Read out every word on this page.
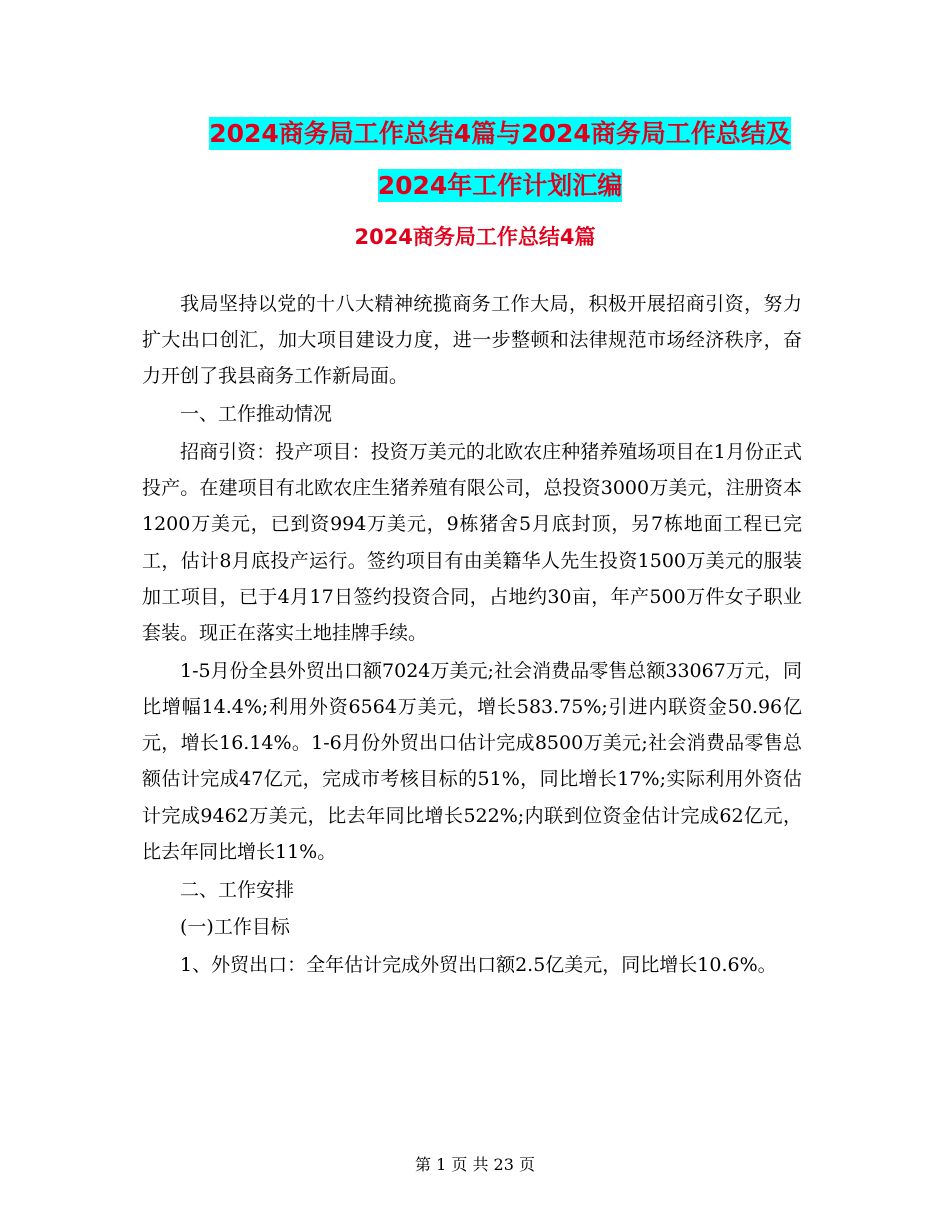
2024商务局工作总结4篇与2024商务局工作总结及
2024年工作计划汇编
2024商务局工作总结4篇

我局坚持以党的十八大精神统揽商务工作大局，积极开展招商引资，努力扩大出口创汇，加大项目建设力度，进一步整顿和法律规范市场经济秩序，奋力开创了我县商务工作新局面。

一、工作推动情况

招商引资：投产项目：投资万美元的北欧农庄种猪养殖场项目在1月份正式投产。在建项目有北欧农庄生猪养殖有限公司，总投资3000万美元，注册资本1200万美元，已到资994万美元，9栋猪舍5月底封顶，另7栋地面工程已完工，估计8月底投产运行。签约项目有由美籍华人先生投资1500万美元的服装加工项目，已于4月17日签约投资合同，占地约30亩，年产500万件女子职业套装。现正在落实土地挂牌手续。

1-5月份全县外贸出口额7024万美元;社会消费品零售总额33067万元，同比增幅14.4%;利用外资6564万美元，增长583.75%;引进内联资金50.96亿元，增长16.14%。1-6月份外贸出口估计完成8500万美元;社会消费品零售总额估计完成47亿元，完成市考核目标的51%，同比增长17%;实际利用外资估计完成9462万美元，比去年同比增长522%;内联到位资金估计完成62亿元，比去年同比增长11%。

二、工作安排

(一)工作目标

1、外贸出口：全年估计完成外贸出口额2.5亿美元，同比增长10.6%。

第 1 页 共 23 页
